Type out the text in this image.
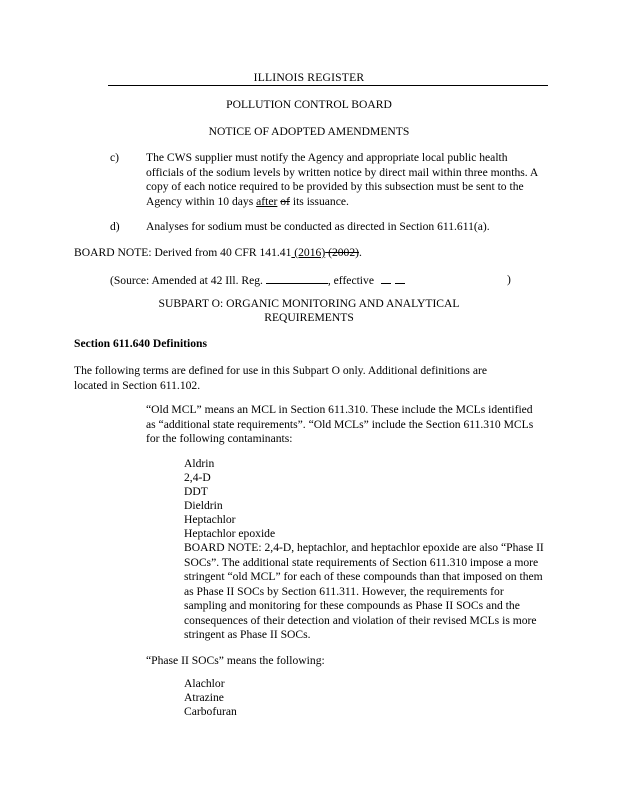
ILLINOIS REGISTER
POLLUTION CONTROL BOARD
NOTICE OF ADOPTED AMENDMENTS
c) The CWS supplier must notify the Agency and appropriate local public health officials of the sodium levels by written notice by direct mail within three months. A copy of each notice required to be provided by this subsection must be sent to the Agency within 10 days after of its issuance.
d) Analyses for sodium must be conducted as directed in Section 611.611(a).
BOARD NOTE: Derived from 40 CFR 141.41 (2016) (2002).
(Source: Amended at 42 Ill. Reg.	, effective	)
SUBPART O: ORGANIC MONITORING AND ANALYTICAL
REQUIREMENTS
Section 611.640 Definitions
The following terms are defined for use in this Subpart O only. Additional definitions are located in Section 611.102.
“Old MCL” means an MCL in Section 611.310. These include the MCLs identified as “additional state requirements”. “Old MCLs” include the Section 611.310 MCLs for the following contaminants:
Aldrin
2,4-D
DDT
Dieldrin
Heptachlor
Heptachlor epoxide
BOARD NOTE: 2,4-D, heptachlor, and heptachlor epoxide are also “Phase II SOCs”. The additional state requirements of Section 611.310 impose a more stringent “old MCL” for each of these compounds than that imposed on them as Phase II SOCs by Section 611.311. However, the requirements for sampling and monitoring for these compounds as Phase II SOCs and the consequences of their detection and violation of their revised MCLs is more stringent as Phase II SOCs.
“Phase II SOCs” means the following:
Alachlor
Atrazine
Carbofuran
